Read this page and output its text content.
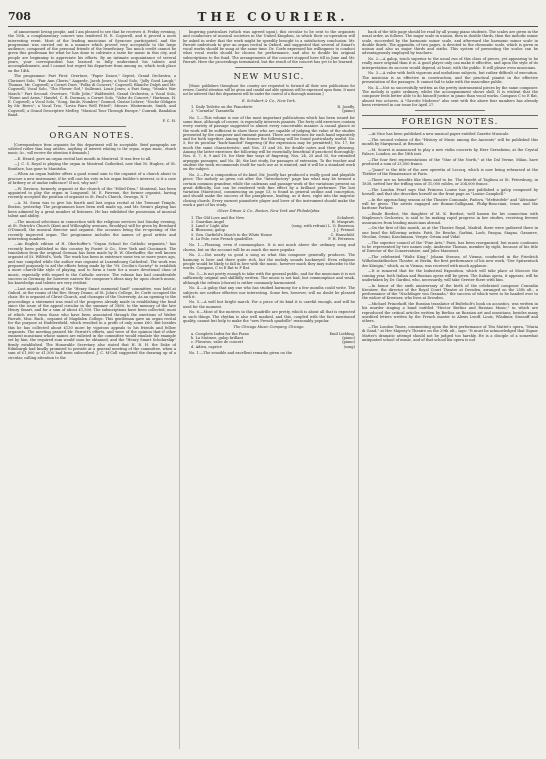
708	THE COURIER.

of amusement loving people, and I am pleased to see that he receives it. Friday evening, the 10th, a complimentary concert was tendered H. E. Cogswell, and it proved a most interesting event. Most of the leading musicians of Syracuse participated, and the programme was carried out in a manner which proved very acceptable to the large audience, composed of the personal friends of the beneficiary. Too much credit cannot be given this gentleman for what he has done to cultivate a taste for music in this city, and people are beginning to appreciate his efforts. By an intimate acquaintance of several years, your correspondent has learned to fully understand his talents and accomplishments, and I cannot but regret his departure from among us, which took place on the 14th.

The programme: Part First: Overture, "Paper Dance," Septet, Grand Orchestra; a Clarionet Solo, "Fair Ann Cheris," Aagarde, Jacob Jones; a Vocal Solo, "Jolly Good Laugh," Thomas, Mr. Cogswell; a Cornet Duet, "Polka di Concert," Cogswell, Blanche Dolph and Mr. Cogswell; Vocal Solo, "The Flower Girl," Sullivant, Louis Jones; a Part Song, "Monk's War March." Part Second: Overture, "Tolle Jolie," Waldteufel, Grand Orchestra; a Vocal Solo, "Home and Arms," Handel, C. B. Dorman; a Cornet Solo, "Valse de Concert," Hartman, H. E. Cogswell; a Vocal Solo, "Song, Smile, Number," Gounod, Gustav Lehrer; "Noche Obligato by Mr. Beers"; a Vocal Trio, "Lovin Fairs Well Fitted"; Messrs. Wintermute, Smith, and Cogswell; a Grand Descriptive Medley, "Musical Tour Through Europe," Conradi, Bandalon Band.

F. C. H.
ORGAN NOTES.

[Correspondence from organists for this department will be acceptable. Brief paragraphs are solicited rather than long articles. Anything of interest relating to the organ, organ music, church music, &c., will receive the attention it demands.]

—E. Heard, gave an organ recital last month in Montreal. It was free to all.

—J. C. S. Royal is playing the organ in Montreal Cathedral, now that M. Hughes, of St. Boniface, has gone to Manitoba.

—When an organ builder offers a good round sum to the organist of a church about to procure a new instrument, if he will cast his vote in his organ builder's interest, is it a case of bribery or of undue influence? If not, why not?

—W. Davison, formerly organist at the church of the "Hôtel-Dieu," Montreal, has been appointed to play the organ in Longueuil. M. E. Favreau, the former organist, having recently accepted the position of organist in St. Paul's Church, Oswego, N. Y.

—A. M. Swan was to give his fourth and last organ recital at the Tremont Temple, Boston, yesterday. The programmes have been well made up, and Mr. Swan's playing has been admired by a great number of listeners. He has exhibited the possession of musical talent and ability.

—The musical selections in connection with the religious services last Sunday evening, at St. Patrick's Church (Kent and Willoughby avenues, Brooklyn) will be given by Bernhard O'Donnell, the musical director and organist, the occasion being the re-opening of the recently improved organ. The programme includes the names of good artists and interesting numbers.

—An English edition of H. Oberhoffer's "Organ School for Catholic organists," has recently been published in this country by Pustet & Co., New York and Cincinnati. The translation from the original German has been made by B. W. Oberhoffer, the well known organist of St. Wilfrid's, York. The work has been in existence some ten or more years ago, and was compiled while the author was organist at Luxembourg Cathedral. The work was prepared purposely to aid the efforts being made by the "St. Cecilia's Society" to establish a more church-like style of playing, and to form a taste for a more devotional class of music, especially with regard to the Catholic service. The volume has had considerable success in Germany, for however narrow the composer's ideas may be upon church music, his knowledge and talents are very evident.

—Last month a meeting of the "Henry Smart memorial fund" committee, was held at Oxford, at the rooms of the Rev. Henry Deane, of St. John's College, Dr. Corfe occupied the chair. He is organist of Christ Church, and choragus of the University. As an opening to the proceedings a statement was read of the progress already made in establishing the fund since the issue of the appeal circular in the summer of 1880, to the memory of the late Henry Smart, and for a sum of about £1,500. The subscriptions have been collected, most of which were from those who have been associated through the exertions of Walter Parratt, Mus. Bach., organist of Magdalen College. This gentleman gave an organ recital for the purpose at Huddersfield, which resulted in a profit of only some £60. But besides this he has collected about £130 more by vigorous appeals to his friends and fellow organists. The meeting praised Mr. Parratt's efforts, and were of the opinion that if other eminent musicians whose names are enlisted in the committee would emulate the example set by him, the required sum would soon be obtained, and the "Henry Smart Scholarship" firmly established. The Honorable Secretary also stated that H. R. H. the Duke of Edinburgh had kindly promised to preside at a general meeting of the committee, when a sum of £1,000 or £1,500 had been subscribed. J. C. M'Coll suggested the drawing up of a circular, calling attention to the

lingering particulars (which was agreed upon), this circular to be sent to the organists and conductors of musical societies in the United Kingdom, in which their co-operation will be asked in order that the work might be speedily brought to a satisfactory conclusion. Mr. Parratt undertook to give an organ recital in Oxford, and suggested that several of Smart's vocal works should be sung at the same time. Dr. Corfe expressed his willingness to conduct what vocal works should be chosen for performance, and also to double his original subscriptions to the fund. The arrangements of the concert stopped here till in June and Mr. Parratt. Here the proceedings terminated, but the result of the concert has yet to be learned.

NEW MUSIC.

[Music publishers throughout the country are requested to forward all their new publications for review. Careful attention will be given and candid and able opinions will be expressed upon them. It must not be inferred that this department will be under the control of a thorough musician.]

E. Schubert & Co., New York.
1. Daily Toilette on the Pianoforte	R. Josefly.
2. "Cornelia" Tarantella	(piano)

No. 1.—This volume is one of the most important publications which has been issued for some time, although of course, is especially interests pianists. The forty odd exercises contain every variety of passage suggested to almost every conceivable manner. A casual glance at the work will be sufficient to show those who are capable of judging the value of the studies presented by the composer and eminent pianist. There are exercises for each hand separately and for both together. Among the former the following will be found particularly useful: No. 5, for its peculiar "back-handed" fingering (if the expression may be permitted); No. 17, for much the same characteristic; and Nos. 31 and 36, for double notes and their phrasing. Among the latter exercises the following will be essentially beneficial if practiced thoroughly: Nos. 6, 7, 8, 9 and 10, for their fine ways of fingering; Nos. 24, 25 and 35, for extended arpeggio passages; and No. 40, the last study, for passages of extension. To the teacher and student the work recommends itself for such use as is wanted, and it will be a standard work on the subject.

No. 2.—For a composition of its kind, Mr. Josefly has produced a really good and playable piece. The melody as given out after the "Introductory" page has what may be termed a certain common grandeur, while the cadenzas and passage-work of the variations present no great difficulty, but can be rendered with fine effect by a brilliant performer. The last variation (Maestoso), commencing on page 13, is found in general outline and conception, and should make the success of the paraphrase, leading, as it does, right into the majestic closing chords. Every earnest pianoforte player and lover of the instrument should make the work a part of his study.

Oliver Ditson & Co., Boston, New York and Philadelphia.
1. The Old Love and the New	Schubert.
2. Guardian Angel	H. Muspratt.
3. Land o' Light Afar	(song, with refrain) L. O. Emerson.
4. Blossoms, galop	J. J. Freund.
5. Gen. Garfield's March to the White House	C. Hanschild.
6. La Pole, rose French quadrilles	F. H. Petersen.

No. 1.—Pleasing, even if commonplace. It is not much above the ordinary song and chorus, but on the account will be as much the more popular.

No. 2.—Not nearly so good a song as what this composer generally produces. The harmony is here and there quite rich, but the melody sounds hackneyed. Even religious people would be likely to fall in love with the music, however much they may subscribe to the words. Compass, C to E flat to F flat.

No. 3.—Is not pretty enough to take with the general public, and for the musicians it is not sufficiently original and skillfully written. The music is not bad, but commonplace and weak, although the refrain (chorus) is rather commonly harmonized.

No. 4.—A galop that any one who has studied harmony for a few months could write. The subjects are neither effective nor interesting. Some few, however, will no doubt be pleased with it.

No. 5.—A well but bright march. For a piece of its kind it is careful enough, and will be used for the moment.

No. 6.—Most of the motives in this quadrille are pretty, which is about all that is expected in such things. The rhythm is also well marked, and this, coupled with the fact mentioned quality, cannot but help to make the "new French quadrille" reasonably popular.

The Chicago Music Company, Chicago.
a. Complete Index for the Piano	Emil Liebling.
b. La Matinee, galop brillant	(piano)
c. Fluvatus, valse de concert	(piano)
d. Adieu, caprice	(song)

No. 1.—The sensible and excellent remarks given on the

back of the title page should be read by all young piano students. The scales are given in the usual order, as follows. The major scale in unison, then in double thirds, then the melodic minor scale, succeeded by the harmonic minor scale, and afterward the harmonic minor scale in double thirds. The appendix, of two pages, is devoted to the chromatic scale, which is given in unison and also as major thirds and sixths. This system of presenting the scales can be advantageously employed by teachers.

No. 2.—A galop, touch superior to the usual run of this class of pieces, yet appearing to be really more original than it is. A good player only can make it effective, and upon the style of its interpretation its success would depend, at least, with the public. It will please even musicians.

No. 3.—A valse with both vigorous and melodious subjects, but rather difficult of execution. The musician is as effective in construction, and the practical pianist in the effective presentation of the passages. It cannot fail to take with the masculine public.

No. 4.—Not so successfully written as the pretty instrumental pieces by the same composer. The melody is quite ordinary, whilst the accompaniment shows skill. It is evident that the composer feels better able to do himself justice in piano than vocal works. Compass C to E flat, almost two octaves. A "Gavotte Moderne" also sent with the above four numbers has already been reviewed in our issue for April 27.

FOREIGN NOTES.

—At Nice has been published a new musical paper entitled Gazette Musicale.

—The second volume of the "History of Music among the Ancients" will be published this month by Marquezail, at Brussels.

—M. Souret is announced to play a new violin concerto by Herr Gernsheim, at the Crystal Palace, London, on the 18th inst.

—The four first representations of the "Star of the North," at the Dal Verme, Milan, have produced a sum of 23,500 francs.

—"Jaunt" is the title of the new operetta of Lecocq, which is now being rehearsed at the Théâtre of the Renaissance at Paris.

—There are no benefits like them said to be. The benefit of Taglioni at St. Petersburg, in 1838, netted her the trifling sum of 31,000 rubles, or 204,000 francs.

—The London Pearl says that Princess Louise has just published a galop composed by herself, and that she describes herself on the front page as "Louise Campbell."

—In the approaching season at the Theatre Comunale, Padova, "Mefistofele" and "Africaine" will be given. The artists engaged are Boman-Galligaani, Philip-Boncciani, tenor, and the baritone Parhoni.

—Emile Bordsst, the daughter of M. K. Bordsst, well known for his connection with Mapleson's Orchestra, is said to be making rapid progress in her studies, receiving fervent assurances from leading musicians abroad.

—On the first of this month, as at the Theatre Royal, Madrid, there were gathered there in one head the following artists: Patti, De Rescke, Garbini, Loeb, Pasqua, Stagno, Gazzarre, Nicolini, Orsini, Kaschmann, Verger, Ortam and Vidal.

—The superior council of the "Fine Arts," Paris, has been reorganized; but music continues to be represented by two names only: Ambroise Thomas, member by right, because of his title of Director of the Conservatoire, and Jules Massenet.

—The celebrated "Waltz King," Johann Strauss, of Vienna, conducted in the Friedrich Wilhelmstädtisches Theater, at Berlin, the first performance of his new work, "Der Spitzentuch der Königin," which, as in Vienna, was received with much applause.

—It is rumored that for the Industrial Exposition, which will take place at Moscow the coming year, both Italian and Russian opera will be given. The Italian opera, it appears, will be undertaken by Dr. Gardini, who, necessarily, will take Gerster there with him.

—In honor of the sixth anniversary of the birth of the celebrated composer Conradin Kreutzer, the director of the Royal Court Theatre at Dresden, arranged on the 25th ult., a performance of the "Nachtlager von Granada," the success of which were to be handed over to the widow of Kreutzer, who lives at Dresden.

—Michael Princekoff, the Russian translator of Bulteholt's book on acoustics, was written in his murder singing a band entitled "Hector Berlioz and Russian Music," in which are reproduced the critical articles written by Berlioz on Russian art and musicians, besides many unedited letters written by the French master to Alexis Lwoff, Louis, Wladimir, Stassoff and others.

—The London Times, commenting upon the first performance of Tito Mattei's opera, "Maria di Gand," at Her Majesty's Theatre on the 29th ult., says: "It must be acknowledged that Signor Mattei's dramatic attempt should not be judged too harshly. He is a disciple of a somewhat antiquated school of music, and of that school his opera is not
